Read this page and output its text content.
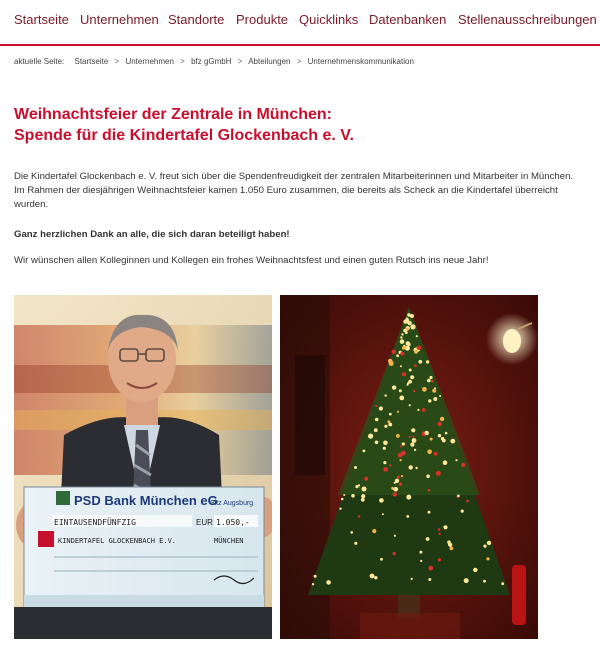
Startseite Unternehmen Standorte Produkte Quicklinks Datenbanken Stellenausschreibungen
aktuelle Seite: Startseite > Unternehmen > bfz gGmbH > Abteilungen > Unternehmenskommunikation
Weihnachtsfeier der Zentrale in München:
Spende für die Kindertafel Glockenbach e. V.

Die Kindertafel Glockenbach e. V. freut sich über die Spendenfreudigkeit der zentralen Mitarbeiterinnen und Mitarbeiter in München. Im Rahmen der diesjährigen Weihnachtsfeier kamen 1.050 Euro zusammen, die bereits als Scheck an die Kindertafel überreicht wurden.

Ganz herzlichen Dank an alle, die sich daran beteiligt haben!

Wir wünschen allen Kolleginnen und Kollegen ein frohes Weihnachtsfest und einen guten Rutsch ins neue Jahr!

PSD Bank München eG
Sitz Augsburg
EINTAUSENDFÜNFZIG	EUR 1.050,-
KINDERTAFEL GLOCKENBACH E.V.	MÜNCHEN
